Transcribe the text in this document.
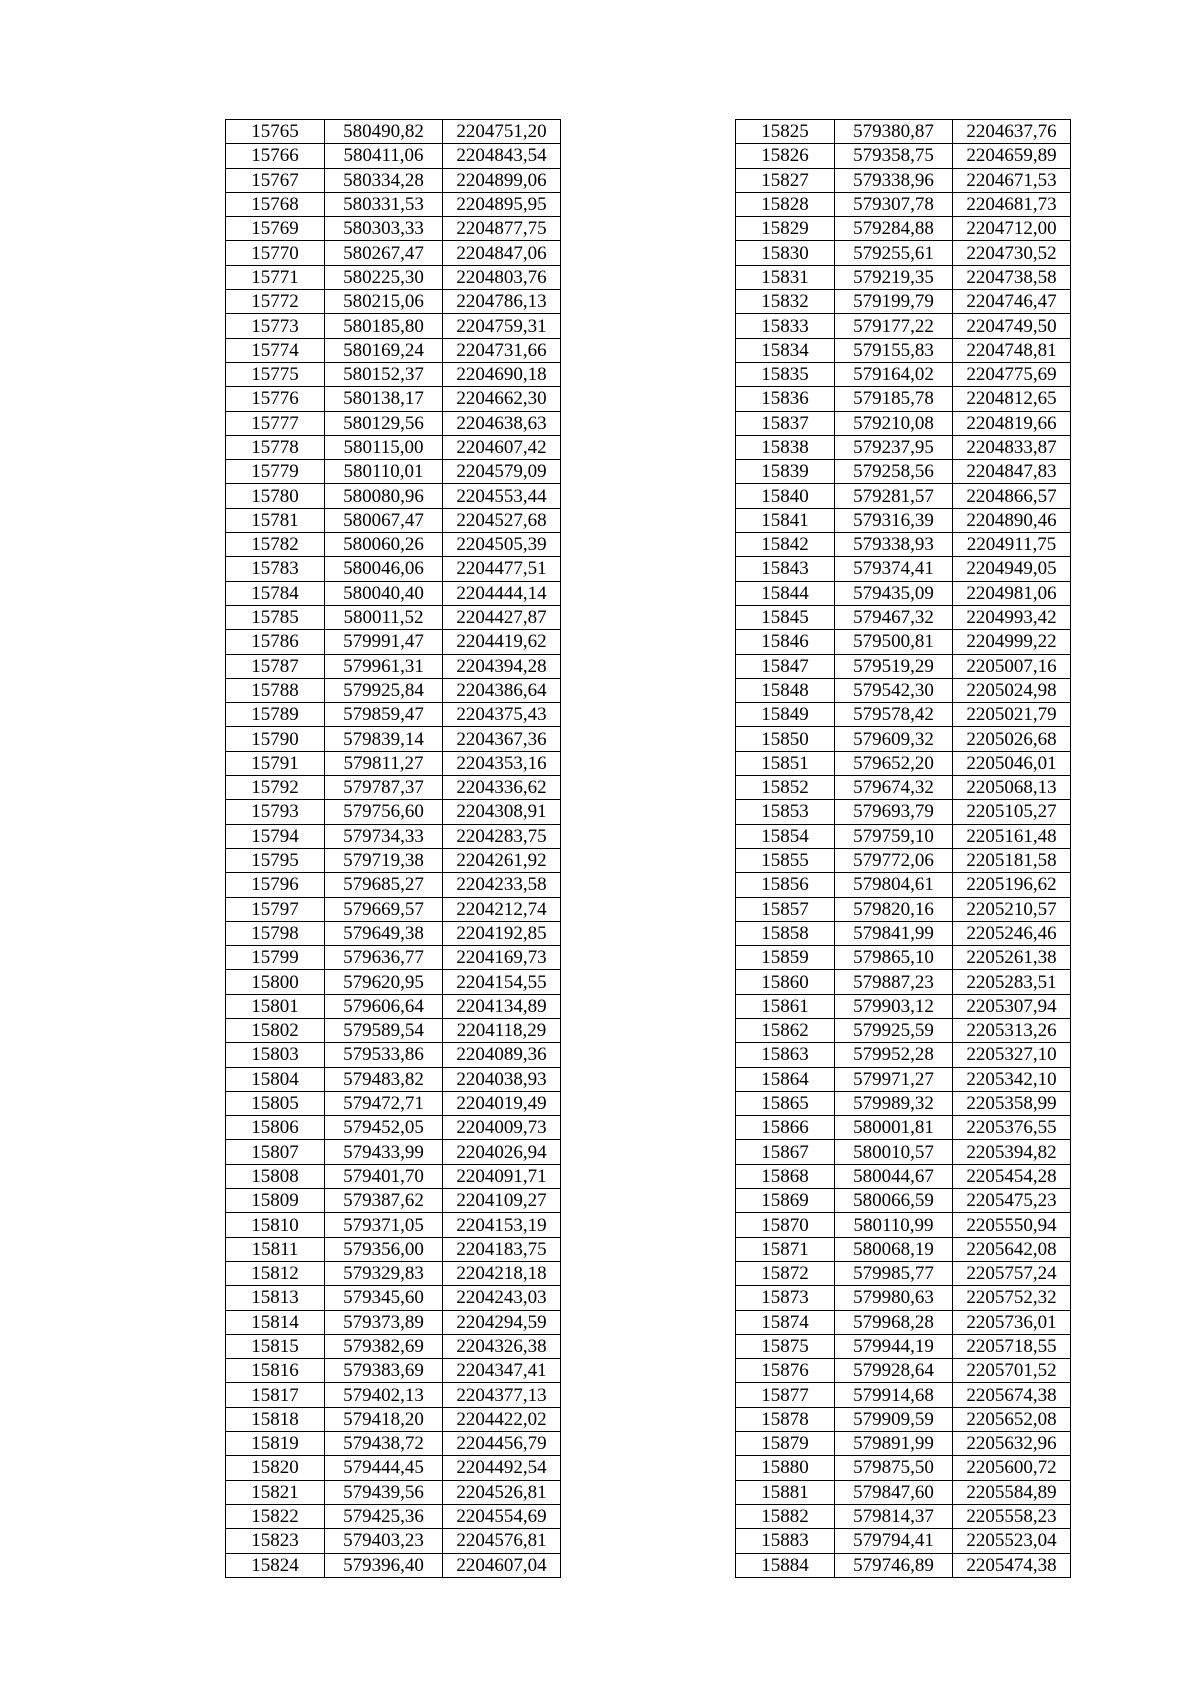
15765	580490,82	2204751,20
15766	580411,06	2204843,54
15767	580334,28	2204899,06
15768	580331,53	2204895,95
15769	580303,33	2204877,75
15770	580267,47	2204847,06
15771	580225,30	2204803,76
15772	580215,06	2204786,13
15773	580185,80	2204759,31
15774	580169,24	2204731,66
15775	580152,37	2204690,18
15776	580138,17	2204662,30
15777	580129,56	2204638,63
15778	580115,00	2204607,42
15779	580110,01	2204579,09
15780	580080,96	2204553,44
15781	580067,47	2204527,68
15782	580060,26	2204505,39
15783	580046,06	2204477,51
15784	580040,40	2204444,14
15785	580011,52	2204427,87
15786	579991,47	2204419,62
15787	579961,31	2204394,28
15788	579925,84	2204386,64
15789	579859,47	2204375,43
15790	579839,14	2204367,36
15791	579811,27	2204353,16
15792	579787,37	2204336,62
15793	579756,60	2204308,91
15794	579734,33	2204283,75
15795	579719,38	2204261,92
15796	579685,27	2204233,58
15797	579669,57	2204212,74
15798	579649,38	2204192,85
15799	579636,77	2204169,73
15800	579620,95	2204154,55
15801	579606,64	2204134,89
15802	579589,54	2204118,29
15803	579533,86	2204089,36
15804	579483,82	2204038,93
15805	579472,71	2204019,49
15806	579452,05	2204009,73
15807	579433,99	2204026,94
15808	579401,70	2204091,71
15809	579387,62	2204109,27
15810	579371,05	2204153,19
15811	579356,00	2204183,75
15812	579329,83	2204218,18
15813	579345,60	2204243,03
15814	579373,89	2204294,59
15815	579382,69	2204326,38
15816	579383,69	2204347,41
15817	579402,13	2204377,13
15818	579418,20	2204422,02
15819	579438,72	2204456,79
15820	579444,45	2204492,54
15821	579439,56	2204526,81
15822	579425,36	2204554,69
15823	579403,23	2204576,81
15824	579396,40	2204607,04
15825	579380,87	2204637,76
15826	579358,75	2204659,89
15827	579338,96	2204671,53
15828	579307,78	2204681,73
15829	579284,88	2204712,00
15830	579255,61	2204730,52
15831	579219,35	2204738,58
15832	579199,79	2204746,47
15833	579177,22	2204749,50
15834	579155,83	2204748,81
15835	579164,02	2204775,69
15836	579185,78	2204812,65
15837	579210,08	2204819,66
15838	579237,95	2204833,87
15839	579258,56	2204847,83
15840	579281,57	2204866,57
15841	579316,39	2204890,46
15842	579338,93	2204911,75
15843	579374,41	2204949,05
15844	579435,09	2204981,06
15845	579467,32	2204993,42
15846	579500,81	2204999,22
15847	579519,29	2205007,16
15848	579542,30	2205024,98
15849	579578,42	2205021,79
15850	579609,32	2205026,68
15851	579652,20	2205046,01
15852	579674,32	2205068,13
15853	579693,79	2205105,27
15854	579759,10	2205161,48
15855	579772,06	2205181,58
15856	579804,61	2205196,62
15857	579820,16	2205210,57
15858	579841,99	2205246,46
15859	579865,10	2205261,38
15860	579887,23	2205283,51
15861	579903,12	2205307,94
15862	579925,59	2205313,26
15863	579952,28	2205327,10
15864	579971,27	2205342,10
15865	579989,32	2205358,99
15866	580001,81	2205376,55
15867	580010,57	2205394,82
15868	580044,67	2205454,28
15869	580066,59	2205475,23
15870	580110,99	2205550,94
15871	580068,19	2205642,08
15872	579985,77	2205757,24
15873	579980,63	2205752,32
15874	579968,28	2205736,01
15875	579944,19	2205718,55
15876	579928,64	2205701,52
15877	579914,68	2205674,38
15878	579909,59	2205652,08
15879	579891,99	2205632,96
15880	579875,50	2205600,72
15881	579847,60	2205584,89
15882	579814,37	2205558,23
15883	579794,41	2205523,04
15884	579746,89	2205474,38
